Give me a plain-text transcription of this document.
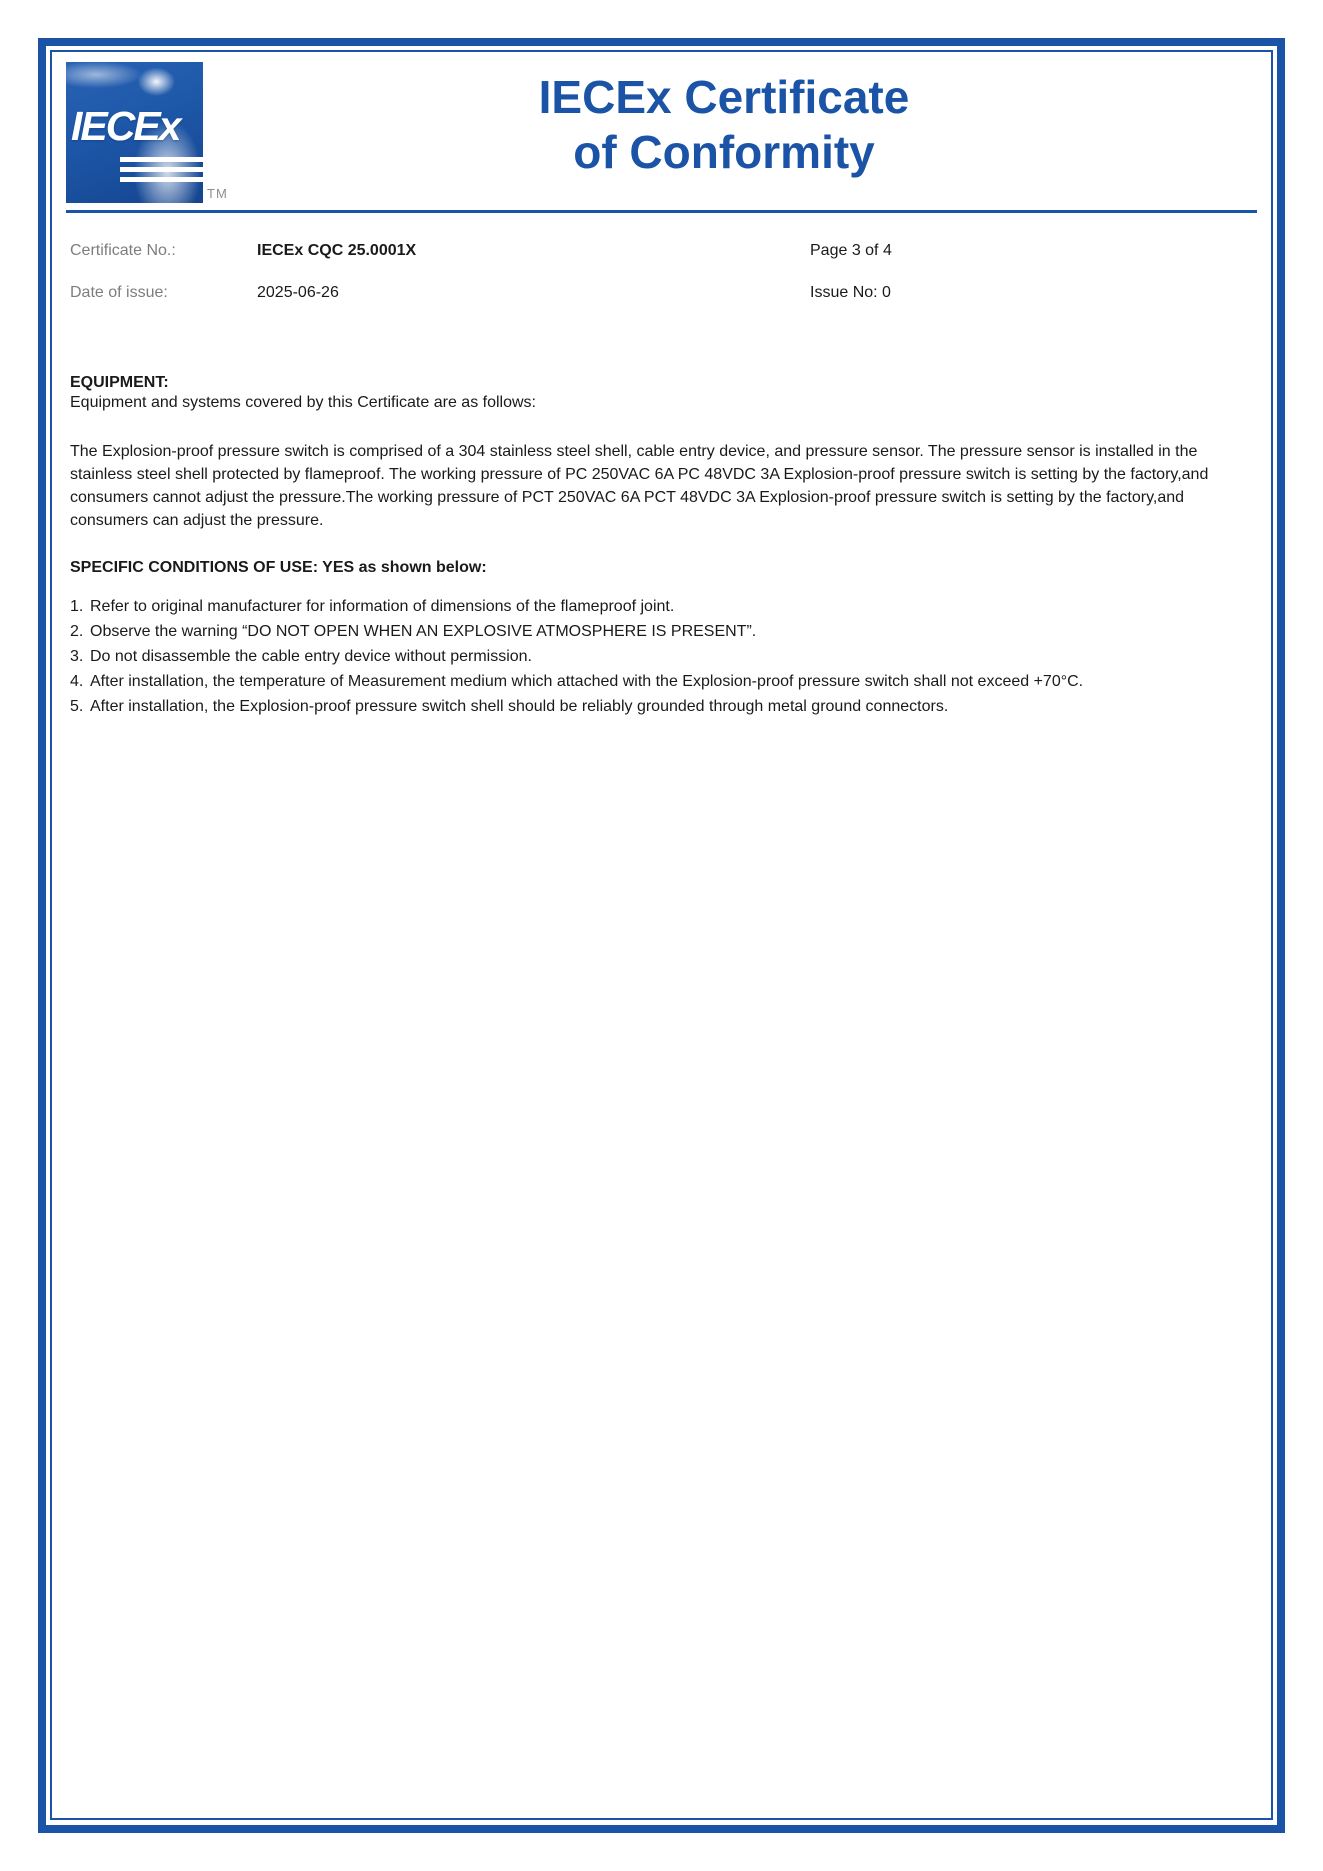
IECEx
TM
IECEx Certificate
of Conformity
Certificate No.:	IECEx CQC 25.0001X	Page 3 of 4
Date of issue:	2025-06-26	Issue No: 0
EQUIPMENT:
Equipment and systems covered by this Certificate are as follows:
The Explosion-proof pressure switch is comprised of a 304 stainless steel shell, cable entry device, and pressure sensor. The pressure sensor is installed in the stainless steel shell protected by flameproof. The working pressure of PC 250VAC 6A PC 48VDC 3A Explosion-proof pressure switch is setting by the factory,and consumers cannot adjust the pressure.The working pressure of PCT 250VAC 6A PCT 48VDC 3A Explosion-proof pressure switch is setting by the factory,and consumers can adjust the pressure.
SPECIFIC CONDITIONS OF USE: YES as shown below:
1. Refer to original manufacturer for information of dimensions of the flameproof joint.
2. Observe the warning “DO NOT OPEN WHEN AN EXPLOSIVE ATMOSPHERE IS PRESENT”.
3. Do not disassemble the cable entry device without permission.
4. After installation, the temperature of Measurement medium which attached with the Explosion-proof pressure switch shall not exceed +70°C.
5. After installation, the Explosion-proof pressure switch shell should be reliably grounded through metal ground connectors.
